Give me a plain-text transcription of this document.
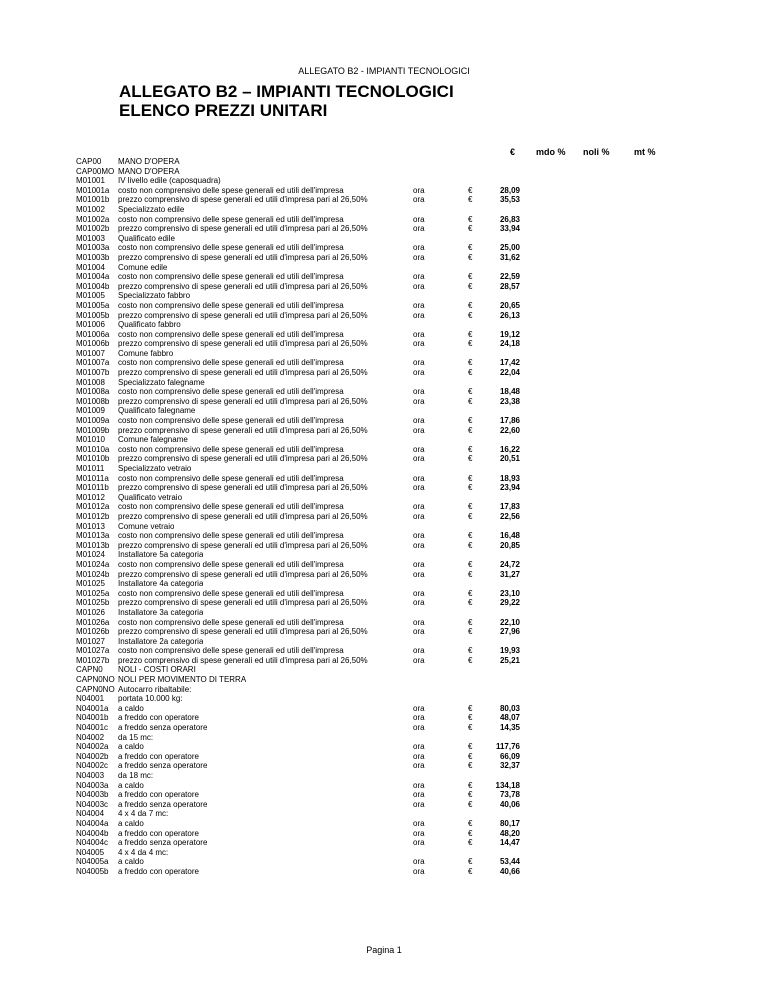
ALLEGATO B2 - IMPIANTI TECNOLOGICI
ALLEGATO B2 – IMPIANTI TECNOLOGICI
ELENCO PREZZI UNITARI
€ mdo % noli %	mt %
CAP00 MANO D'OPERA
CAP00MO MANO D'OPERA
M01001 IV livello edile (caposquadra)
M01001a costo non comprensivo delle spese generali ed utili dell'impresa	ora	€	28,09
M01001b prezzo comprensivo di spese generali ed utili d'impresa pari al 26,50%	ora	€	35,53
M01002 Specializzato edile
M01002a costo non comprensivo delle spese generali ed utili dell'impresa	ora	€	26,83
M01002b prezzo comprensivo di spese generali ed utili d'impresa pari al 26,50%	ora	€	33,94
M01003 Qualificato edile
M01003a costo non comprensivo delle spese generali ed utili dell'impresa	ora	€	25,00
M01003b prezzo comprensivo di spese generali ed utili d'impresa pari al 26,50%	ora	€	31,62
M01004 Comune edile
M01004a costo non comprensivo delle spese generali ed utili dell'impresa	ora	€	22,59
M01004b prezzo comprensivo di spese generali ed utili d'impresa pari al 26,50%	ora	€	28,57
M01005 Specializzato fabbro
M01005a costo non comprensivo delle spese generali ed utili dell'impresa	ora	€	20,65
M01005b prezzo comprensivo di spese generali ed utili d'impresa pari al 26,50%	ora	€	26,13
M01006 Qualificato fabbro
M01006a costo non comprensivo delle spese generali ed utili dell'impresa	ora	€	19,12
M01006b prezzo comprensivo di spese generali ed utili d'impresa pari al 26,50%	ora	€	24,18
M01007 Comune fabbro
M01007a costo non comprensivo delle spese generali ed utili dell'impresa	ora	€	17,42
M01007b prezzo comprensivo di spese generali ed utili d'impresa pari al 26,50%	ora	€	22,04
M01008 Specializzato falegname
M01008a costo non comprensivo delle spese generali ed utili dell'impresa	ora	€	18,48
M01008b prezzo comprensivo di spese generali ed utili d'impresa pari al 26,50%	ora	€	23,38
M01009 Qualificato falegname
M01009a costo non comprensivo delle spese generali ed utili dell'impresa	ora	€	17,86
M01009b prezzo comprensivo di spese generali ed utili d'impresa pari al 26,50%	ora	€	22,60
M01010 Comune falegname
M01010a costo non comprensivo delle spese generali ed utili dell'impresa	ora	€	16,22
M01010b prezzo comprensivo di spese generali ed utili d'impresa pari al 26,50%	ora	€	20,51
M01011 Specializzato vetraio
M01011a costo non comprensivo delle spese generali ed utili dell'impresa	ora	€	18,93
M01011b prezzo comprensivo di spese generali ed utili d'impresa pari al 26,50%	ora	€	23,94
M01012 Qualificato vetraio
M01012a costo non comprensivo delle spese generali ed utili dell'impresa	ora	€	17,83
M01012b prezzo comprensivo di spese generali ed utili d'impresa pari al 26,50%	ora	€	22,56
M01013 Comune vetraio
M01013a costo non comprensivo delle spese generali ed utili dell'impresa	ora	€	16,48
M01013b prezzo comprensivo di spese generali ed utili d'impresa pari al 26,50%	ora	€	20,85
M01024 Installatore 5a categoria
M01024a costo non comprensivo delle spese generali ed utili dell'impresa	ora	€	24,72
M01024b prezzo comprensivo di spese generali ed utili d'impresa pari al 26,50%	ora	€	31,27
M01025 Installatore 4a categoria
M01025a costo non comprensivo delle spese generali ed utili dell'impresa	ora	€	23,10
M01025b prezzo comprensivo di spese generali ed utili d'impresa pari al 26,50%	ora	€	29,22
M01026 Installatore 3a categoria
M01026a costo non comprensivo delle spese generali ed utili dell'impresa	ora	€	22,10
M01026b prezzo comprensivo di spese generali ed utili d'impresa pari al 26,50%	ora	€	27,96
M01027 Installatore 2a categoria
M01027a costo non comprensivo delle spese generali ed utili dell'impresa	ora	€	19,93
M01027b prezzo comprensivo di spese generali ed utili d'impresa pari al 26,50%	ora	€	25,21
CAPN0 NOLI - COSTI ORARI
CAPN0NO NOLI PER MOVIMENTO DI TERRA
CAPN0NO Autocarro ribaltabile:
N04001 portata 10.000 kg:
N04001a a caldo	ora	€	80,03
N04001b a freddo con operatore	ora	€	48,07
N04001c a freddo senza operatore	ora	€	14,35
N04002 da 15 mc:
N04002a a caldo	ora	€	117,76
N04002b a freddo con operatore	ora	€	66,09
N04002c a freddo senza operatore	ora	€	32,37
N04003 da 18 mc:
N04003a a caldo	ora	€	134,18
N04003b a freddo con operatore	ora	€	73,78
N04003c a freddo senza operatore	ora	€	40,06
N04004 4 x 4 da 7 mc:
N04004a a caldo	ora	€	80,17
N04004b a freddo con operatore	ora	€	48,20
N04004c a freddo senza operatore	ora	€	14,47
N04005 4 x 4 da 4 mc:
N04005a a caldo	ora	€	53,44
N04005b a freddo con operatore	ora	€	40,66
Pagina 1
